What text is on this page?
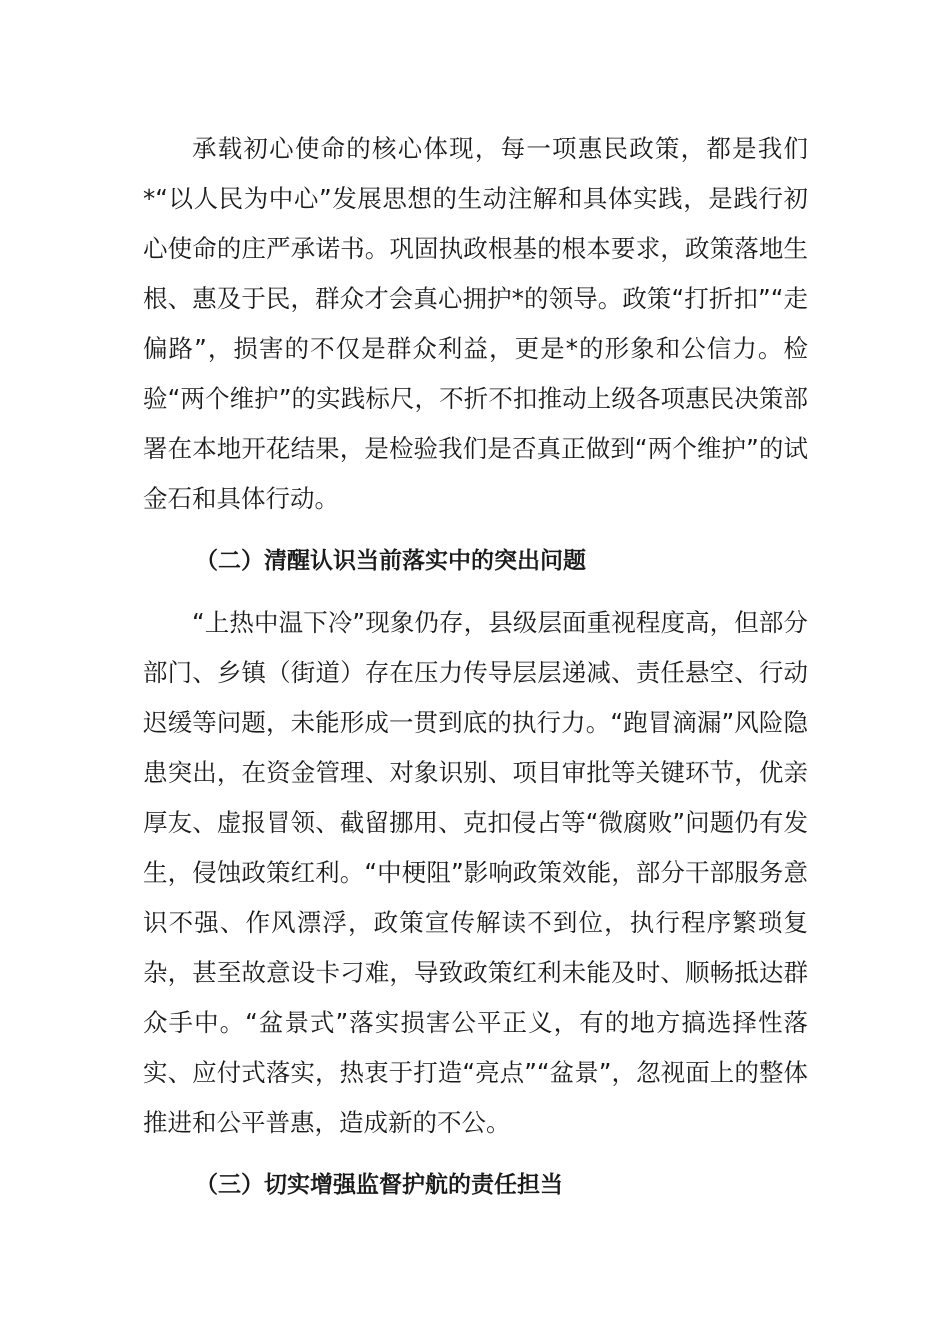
承载初心使命的核心体现，每一项惠民政策，都是我们*“以人民为中心”发展思想的生动注解和具体实践，是践行初心使命的庄严承诺书。巩固执政根基的根本要求，政策落地生根、惠及于民，群众才会真心拥护*的领导。政策“打折扣”“走偏路”，损害的不仅是群众利益，更是*的形象和公信力。检验“两个维护”的实践标尺，不折不扣推动上级各项惠民决策部署在本地开花结果，是检验我们是否真正做到“两个维护”的试金石和具体行动。

（二）清醒认识当前落实中的突出问题

“上热中温下冷”现象仍存，县级层面重视程度高，但部分部门、乡镇（街道）存在压力传导层层递减、责任悬空、行动迟缓等问题，未能形成一贯到底的执行力。“跑冒滴漏”风险隐患突出，在资金管理、对象识别、项目审批等关键环节，优亲厚友、虚报冒领、截留挪用、克扣侵占等“微腐败”问题仍有发生，侵蚀政策红利。“中梗阻”影响政策效能，部分干部服务意识不强、作风漂浮，政策宣传解读不到位，执行程序繁琐复杂，甚至故意设卡刁难，导致政策红利未能及时、顺畅抵达群众手中。“盆景式”落实损害公平正义，有的地方搞选择性落实、应付式落实，热衷于打造“亮点”“盆景”，忽视面上的整体推进和公平普惠，造成新的不公。

（三）切实增强监督护航的责任担当
